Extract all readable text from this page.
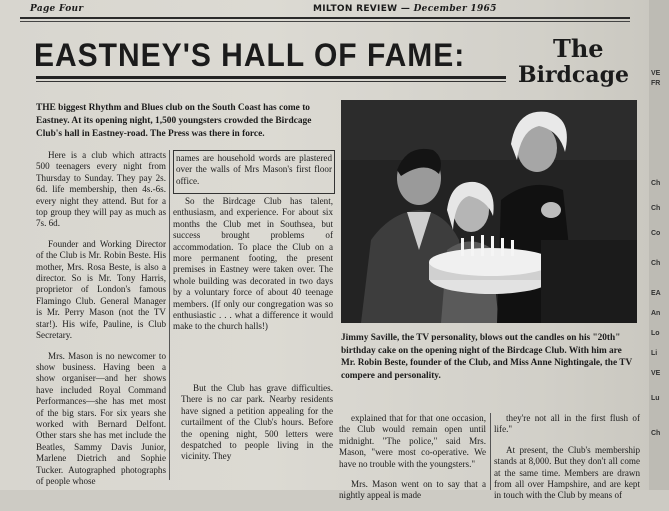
Page Four	MILTON REVIEW — December 1965
EASTNEY'S HALL OF FAME:	The
Birdcage
THE biggest Rhythm and Blues club on the South Coast has come to Eastney. At its opening night, 1,500 youngsters crowded the Birdcage Club's hall in Eastney-road. The Press was there in force.

Here is a club which attracts 500 teenagers every night from Thursday to Sunday. They pay 2s. 6d. life membership, then 4s.-6s. every night they attend. But for a top group they will pay as much as 7s. 6d.

Founder and Working Director of the Club is Mr. Robin Beste. His mother, Mrs. Rosa Beste, is also a director. So is Mr. Tony Harris, proprietor of London's famous Flamingo Club. General Manager is Mr. Perry Mason (not the TV star!). His wife, Pauline, is Club Secretary.

Mrs. Mason is no newcomer to show business. Having been a show organiser—and her shows have included Royal Command Performances—she has met most of the big stars. For six years she worked with Bernard Delfont. Other stars she has met include the Beatles, Sammy Davis Junior, Marlene Dietrich and Sophie Tucker. Autographed photographs of people whose

names are household words are plastered over the walls of Mrs Mason's first floor office.

So the Birdcage Club has talent, enthusiasm, and experience. For about six months the Club met in Southsea, but success brought problems of accommodation. To place the Club on a more permanent footing, the present premises in Eastney were taken over. The whole building was decorated in two days by a voluntary force of about 40 teenage members. (If only our congregation was so enthusiastic . . . what a difference it would make to the church halls!)

But the Club has grave difficulties. There is no car park. Nearby residents have signed a petition appealing for the curtailment of the Club's hours. Before the opening night, 500 letters were despatched to people living in the vicinity. They

Jimmy Saville, the TV personality, blows out the candles on his "20th" birthday cake on the opening night of the Birdcage Club. With him are Mr. Robin Beste, founder of the Club, and Miss Anne Nightingale, the TV compere and personality.

explained that for that one occasion, the Club would remain open until midnight. "The police," said Mrs. Mason, "were most co-operative. We have no trouble with the youngsters."

Mrs. Mason went on to say that a nightly appeal is made

they're not all in the first flush of life."

At present, the Club's membership stands at 8,000. But they don't all come at the same time. Members are drawn from all over Hampshire, and are kept in touch with the Club by means of

VE
FR
Ch
Ch
Co
Ch
EA
An
Lo
Li
VE
Lu
Ch
